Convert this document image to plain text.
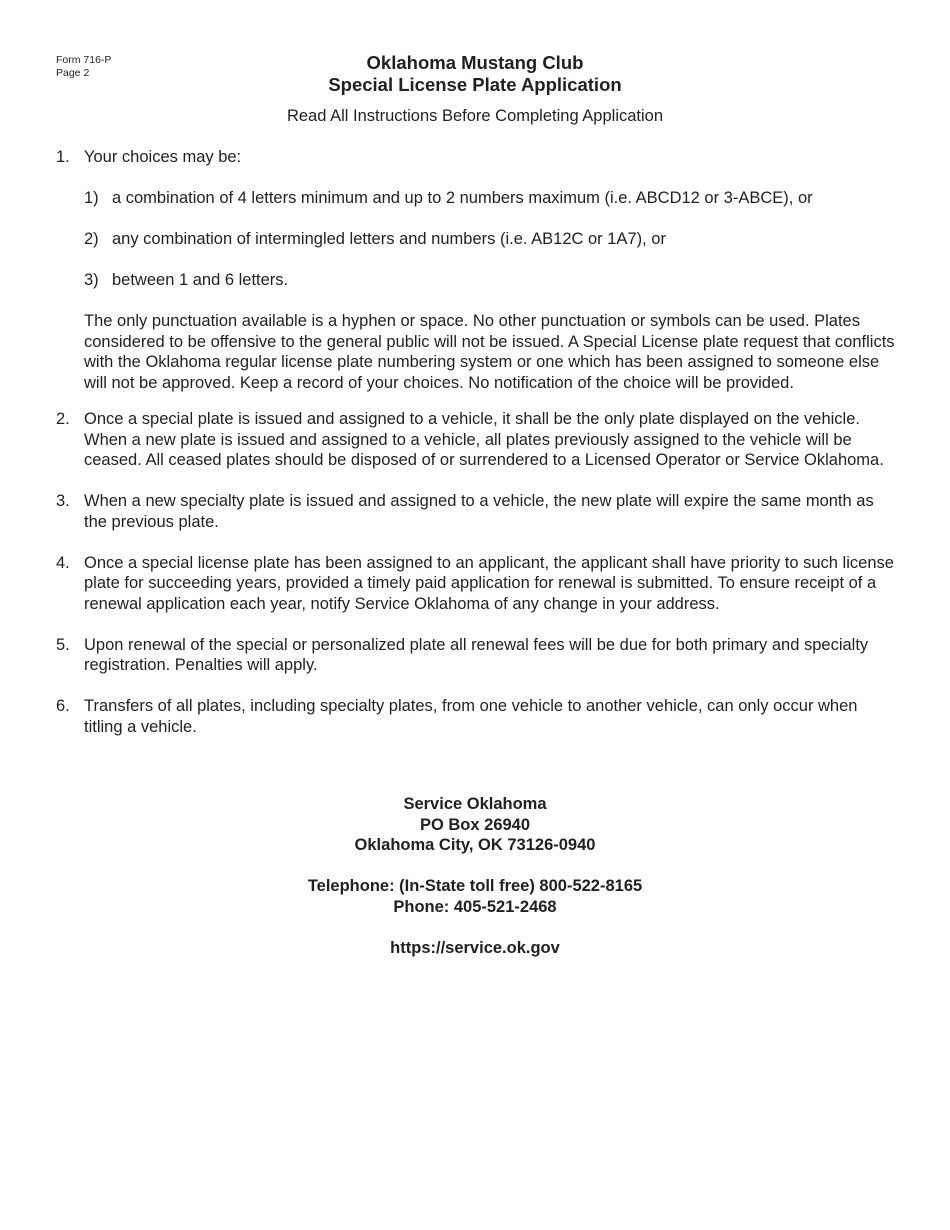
Form 716-P
Page 2	Oklahoma Mustang Club
Special License Plate Application
Read All Instructions Before Completing Application
1. Your choices may be:
1) a combination of 4 letters minimum and up to 2 numbers maximum (i.e. ABCD12 or 3-ABCE), or
2) any combination of intermingled letters and numbers (i.e. AB12C or 1A7), or
3) between 1 and 6 letters.
The only punctuation available is a hyphen or space. No other punctuation or symbols can be used. Plates considered to be offensive to the general public will not be issued. A Special License plate request that conflicts with the Oklahoma regular license plate numbering system or one which has been assigned to someone else will not be approved. Keep a record of your choices. No notification of the choice will be provided.
2. Once a special plate is issued and assigned to a vehicle, it shall be the only plate displayed on the vehicle. When a new plate is issued and assigned to a vehicle, all plates previously assigned to the vehicle will be ceased. All ceased plates should be disposed of or surrendered to a Licensed Operator or Service Oklahoma.
3. When a new specialty plate is issued and assigned to a vehicle, the new plate will expire the same month as the previous plate.
4. Once a special license plate has been assigned to an applicant, the applicant shall have priority to such license plate for succeeding years, provided a timely paid application for renewal is submitted. To ensure receipt of a renewal application each year, notify Service Oklahoma of any change in your address.
5. Upon renewal of the special or personalized plate all renewal fees will be due for both primary and specialty registration. Penalties will apply.
6. Transfers of all plates, including specialty plates, from one vehicle to another vehicle, can only occur when titling a vehicle.
Service Oklahoma
PO Box 26940
Oklahoma City, OK 73126-0940
Telephone: (In-State toll free) 800-522-8165
Phone: 405-521-2468
https://service.ok.gov
